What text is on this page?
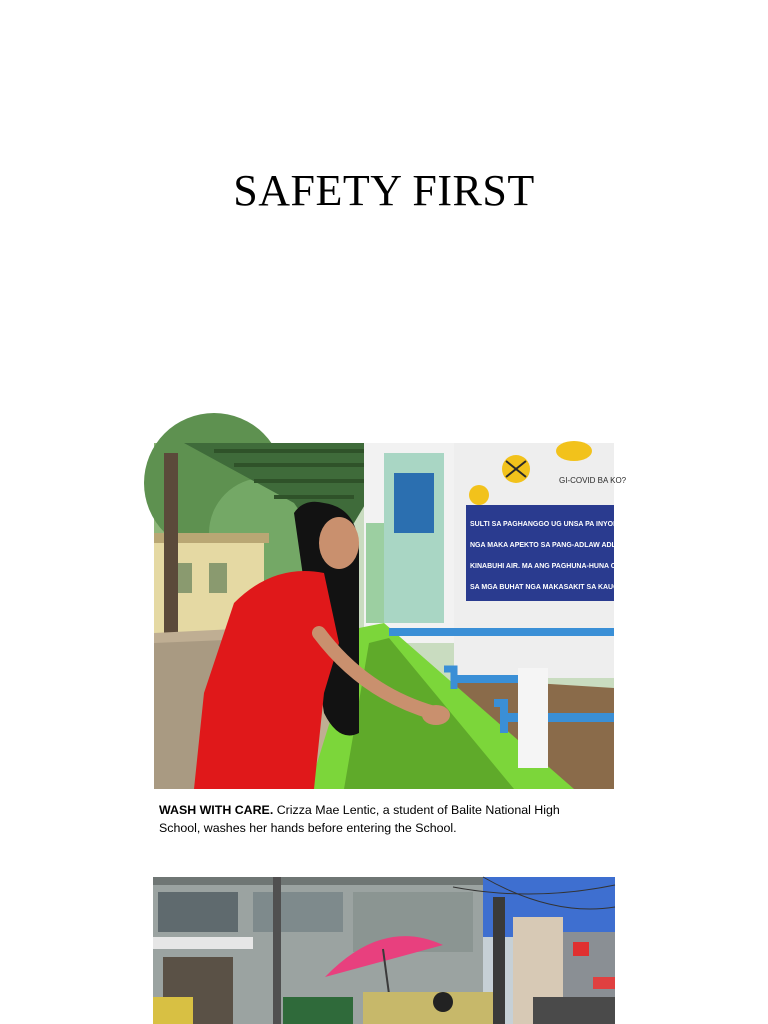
SAFETY FIRST
GI-COVID BA KO?
SULTI SA PAGHANGGO UG UNSA PA INYONG GIBATI
NGA MAKA APEKTO SA PANG-ADLAW ADLAW NINYONG
KINABUHI AIR. MA ANG PAGHUNA-HUNA O PAGBUHAT
SA MGA BUHAT NGA MAKASAKIT SA KAUGALINGON.
WASH WITH CARE. Crizza Mae Lentic, a student of Balite National High School, washes her hands before entering the School.
